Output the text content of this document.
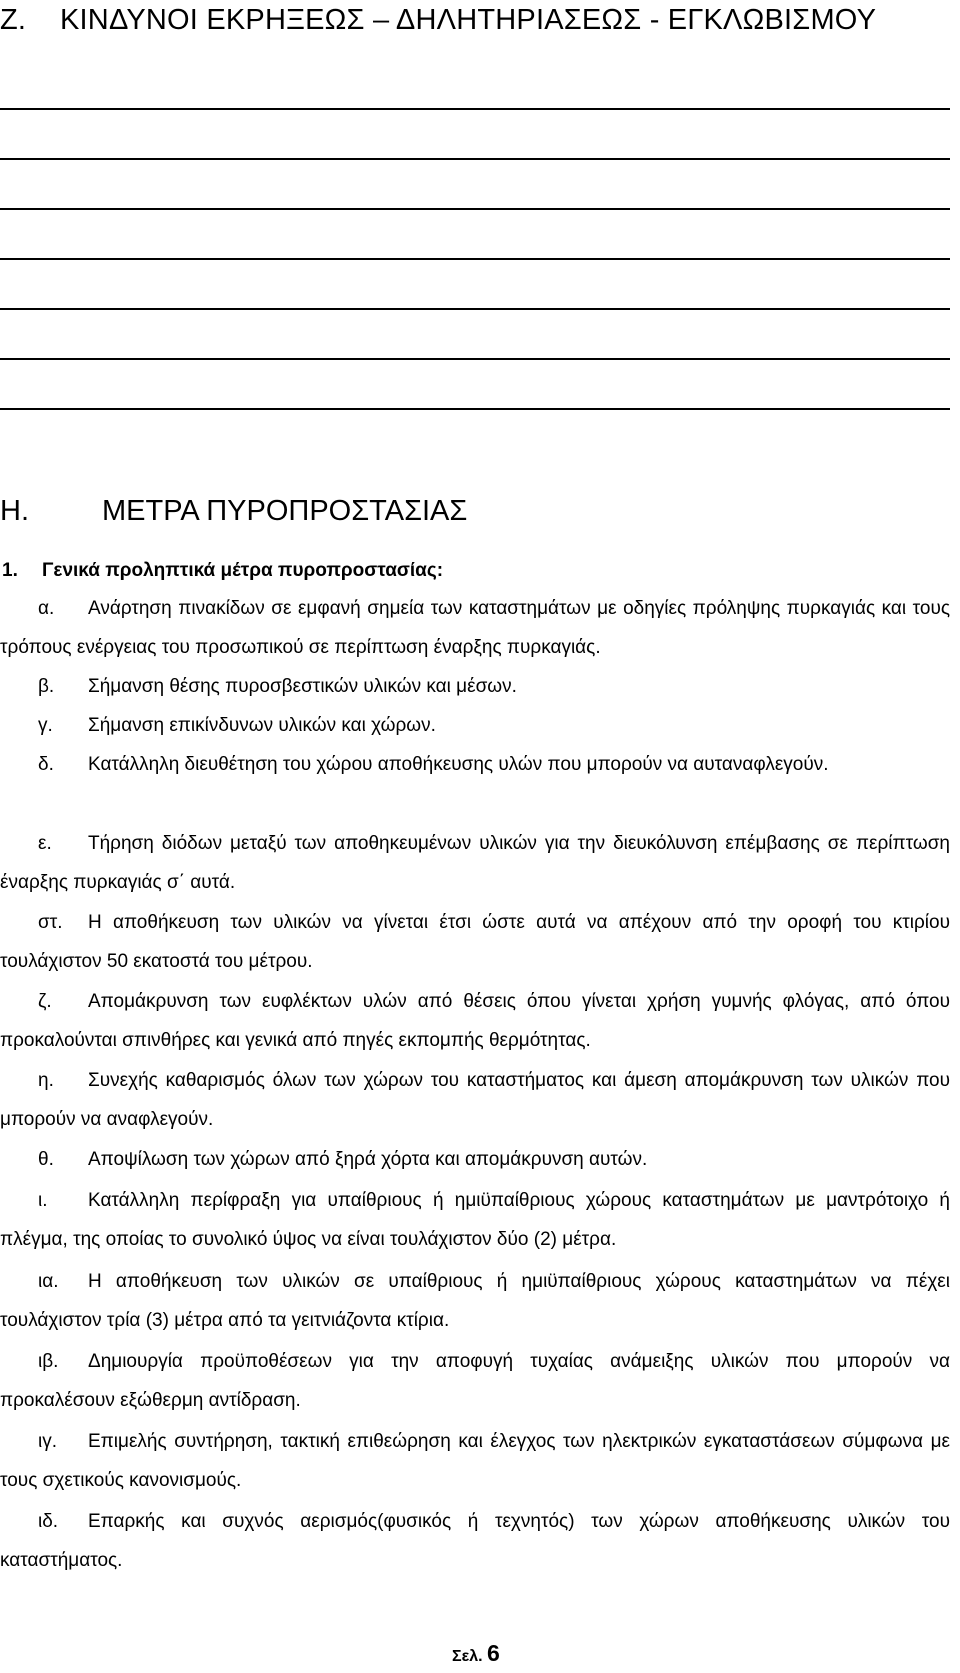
Ζ. ΚΙΝΔΥΝΟΙ ΕΚΡΗΞΕΩΣ – ΔΗΛΗΤΗΡΙΑΣΕΩΣ - ΕΓΚΛΩΒΙΣΜΟΥ
Η.	ΜΕΤΡΑ ΠΥΡΟΠΡΟΣΤΑΣΙΑΣ
1. Γενικά προληπτικά μέτρα πυροπροστασίας:
α. Ανάρτηση πινακίδων σε εμφανή σημεία των καταστημάτων με οδηγίες πρόληψης πυρκαγιάς και τους τρόπους ενέργειας του προσωπικού σε περίπτωση έναρξης πυρκαγιάς.
β. Σήμανση θέσης πυροσβεστικών υλικών και μέσων.
γ. Σήμανση επικίνδυνων υλικών και χώρων.
δ. Κατάλληλη διευθέτηση του χώρου αποθήκευσης υλών που μπορούν να αυταναφλεγούν.
ε. Τήρηση διόδων μεταξύ των αποθηκευμένων υλικών για την διευκόλυνση επέμβασης σε περίπτωση έναρξης πυρκαγιάς σ΄ αυτά.
στ. Η αποθήκευση των υλικών να γίνεται έτσι ώστε αυτά να απέχουν από την οροφή του κτιρίου τουλάχιστον 50 εκατοστά του μέτρου.
ζ. Απομάκρυνση των ευφλέκτων υλών από θέσεις όπου γίνεται χρήση γυμνής φλόγας, από όπου προκαλούνται σπινθήρες και γενικά από πηγές εκπομπής θερμότητας.
η. Συνεχής καθαρισμός όλων των χώρων του καταστήματος και άμεση απομάκρυνση των υλικών που μπορούν να αναφλεγούν.
θ. Αποψίλωση των χώρων από ξηρά χόρτα και απομάκρυνση αυτών.
ι. Κατάλληλη περίφραξη για υπαίθριους ή ημιϋπαίθριους χώρους καταστημάτων με μαντρότοιχο ή πλέγμα, της οποίας το συνολικό ύψος να είναι τουλάχιστον δύο (2) μέτρα.
ια. Η αποθήκευση των υλικών σε υπαίθριους ή ημιϋπαίθριους χώρους καταστημάτων να πέχει τουλάχιστον τρία (3) μέτρα από τα γειτνιάζοντα κτίρια.
ιβ. Δημιουργία προϋποθέσεων για την αποφυγή τυχαίας ανάμειξης υλικών που μπορούν να προκαλέσουν εξώθερμη αντίδραση.
ιγ. Επιμελής συντήρηση, τακτική επιθεώρηση και έλεγχος των ηλεκτρικών εγκαταστάσεων σύμφωνα με τους σχετικούς κανονισμούς.
ιδ. Επαρκής και συχνός αερισμός(φυσικός ή τεχνητός) των χώρων αποθήκευσης υλικών του καταστήματος.
Σελ. 6
